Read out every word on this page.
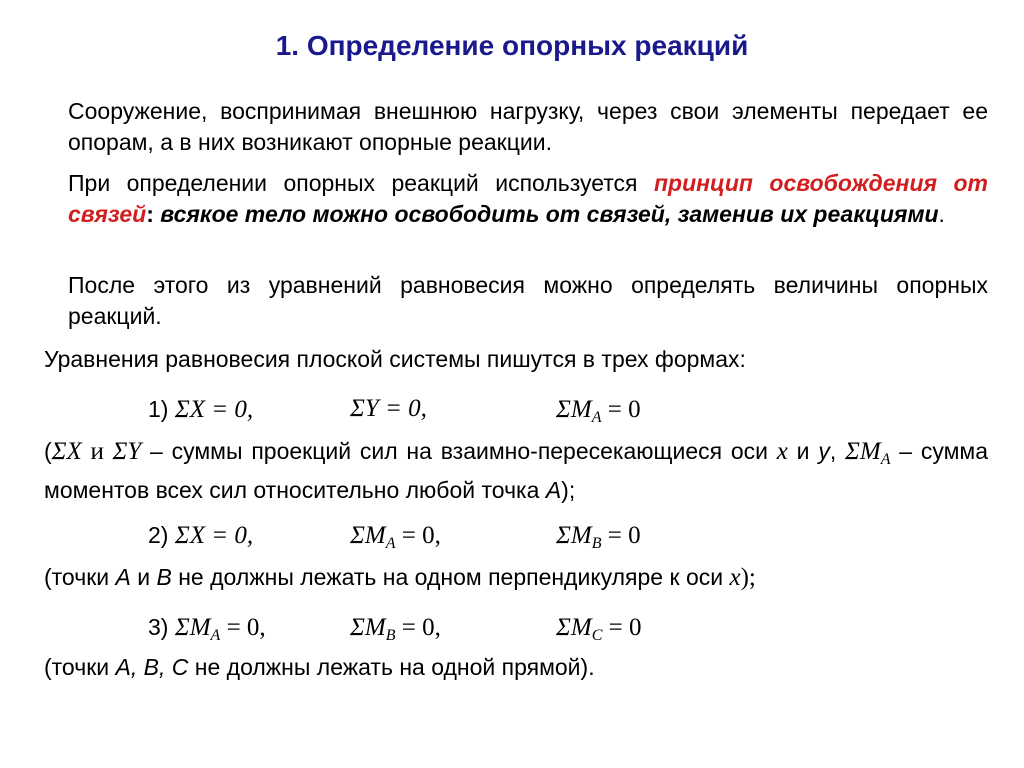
1. Определение опорных реакций
Сооружение, воспринимая внешнюю нагрузку, через свои элементы передает ее опорам, а в них возникают опорные реакции.
При определении опорных реакций используется принцип освобождения от связей: всякое тело можно освободить от связей, заменив их реакциями.
После этого из уравнений равновесия можно определять величины опорных реакций.
Уравнения равновесия плоской системы пишутся в трех формах:
1) ΣX = 0,	ΣY = 0,	$\Sigma M_A = 0$
(ΣX и ΣY – суммы проекций сил на взаимно-пересекающиеся оси x и y, $\Sigma M_A$ – сумма моментов всех сил относительно любой точка A);
2) ΣX = 0,	$\Sigma M_A = 0$,	$\Sigma M_B = 0$
(точки A и B не должны лежать на одном перпендикуляре к оси x);
3) $\Sigma M_A = 0$,	$\Sigma M_B = 0$,	$\Sigma M_C = 0$
(точки A, B, C не должны лежать на одной прямой).
